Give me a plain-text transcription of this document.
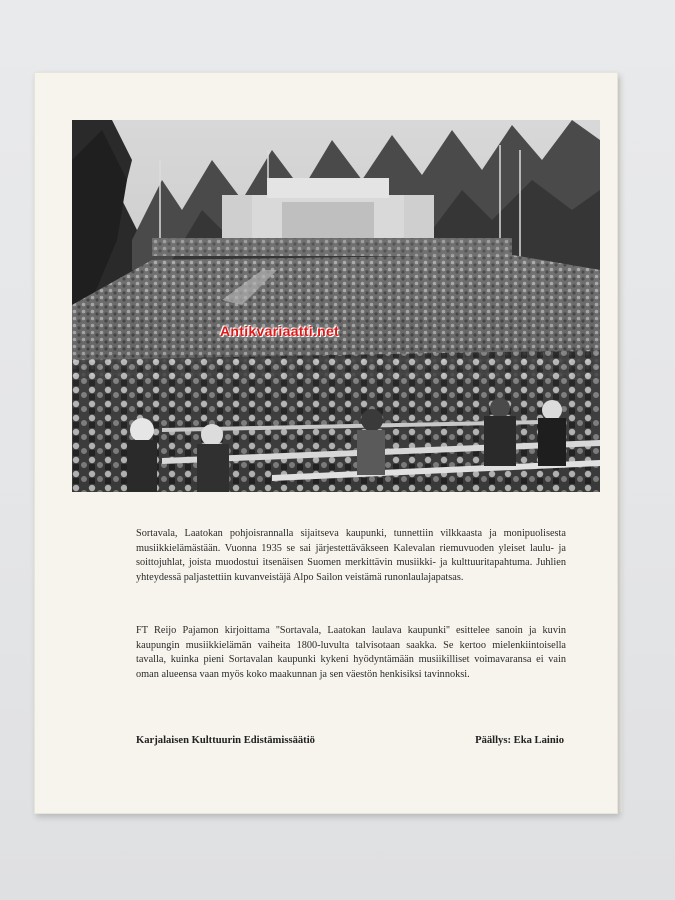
Sortavala, Laatokan pohjoisrannalla sijaitseva kaupunki, tunnettiin vilkkaasta ja monipuolisesta musiikkielämästään. Vuonna 1935 se sai järjestettäväkseen Kalevalan riemuvuoden yleiset laulu- ja soittojuhlat, joista muodostui itsenäisen Suomen merkittävin musiikki- ja kulttuuritapahtuma. Juhlien yhteydessä paljastettiin kuvanveistäjä Alpo Sailon veistämä runonlaulajapatsas.
FT Reijo Pajamon kirjoittama ''Sortavala, Laatokan laulava kaupunki'' esittelee sanoin ja kuvin kaupungin musiikkielämän vaiheita 1800-luvulta talvisotaan saakka. Se kertoo mielenkiintoisella tavalla, kuinka pieni Sortavalan kaupunki kykeni hyödyntämään musiikilliset voimavaransa ei vain oman alueensa vaan myös koko maakunnan ja sen väestön henkisiksi tavinnoksi.
Karjalaisen Kulttuurin Edistämissäätiö	Päällys: Eka Lainio
Antikvariaatti.net
